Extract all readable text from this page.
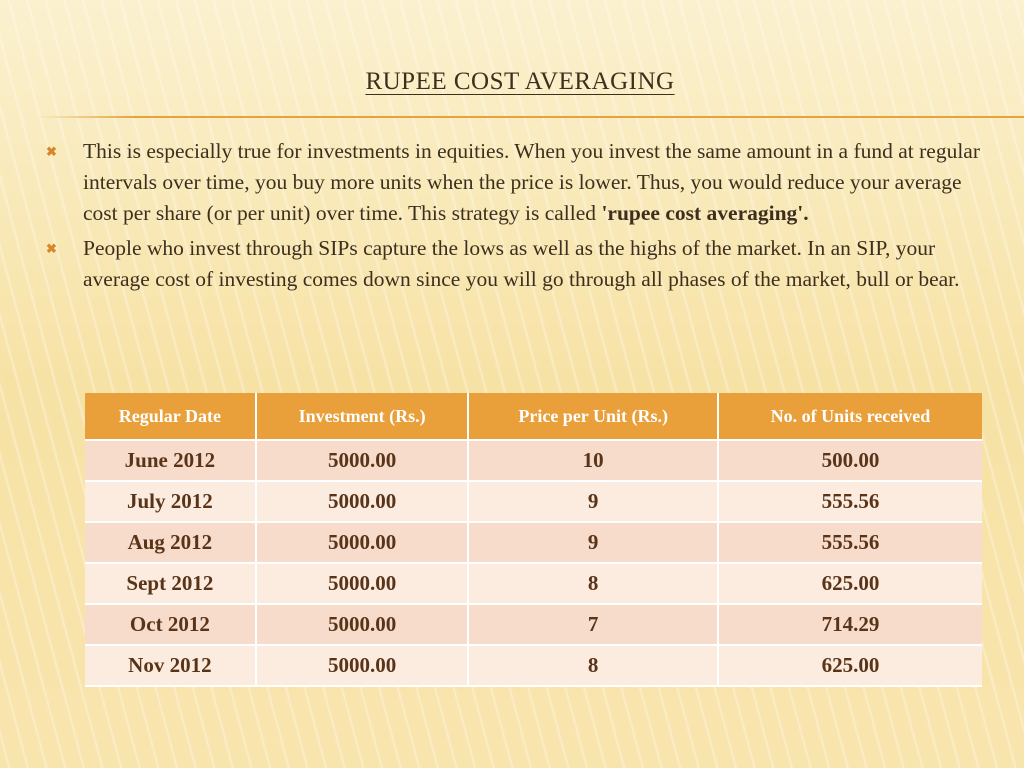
RUPEE COST AVERAGING
✖ This is especially true for investments in equities. When you invest the same amount in a fund at regular intervals over time, you buy more units when the price is lower. Thus, you would reduce your average cost per share (or per unit) over time. This strategy is called 'rupee cost averaging'.
✖ People who invest through SIPs capture the lows as well as the highs of the market. In an SIP, your average cost of investing comes down since you will go through all phases of the market, bull or bear.
Regular Date	Investment (Rs.)	Price per Unit (Rs.)	No. of Units received
June 2012	5000.00	10	500.00
July 2012	5000.00	9	555.56
Aug 2012	5000.00	9	555.56
Sept 2012	5000.00	8	625.00
Oct 2012	5000.00	7	714.29
Nov 2012	5000.00	8	625.00
